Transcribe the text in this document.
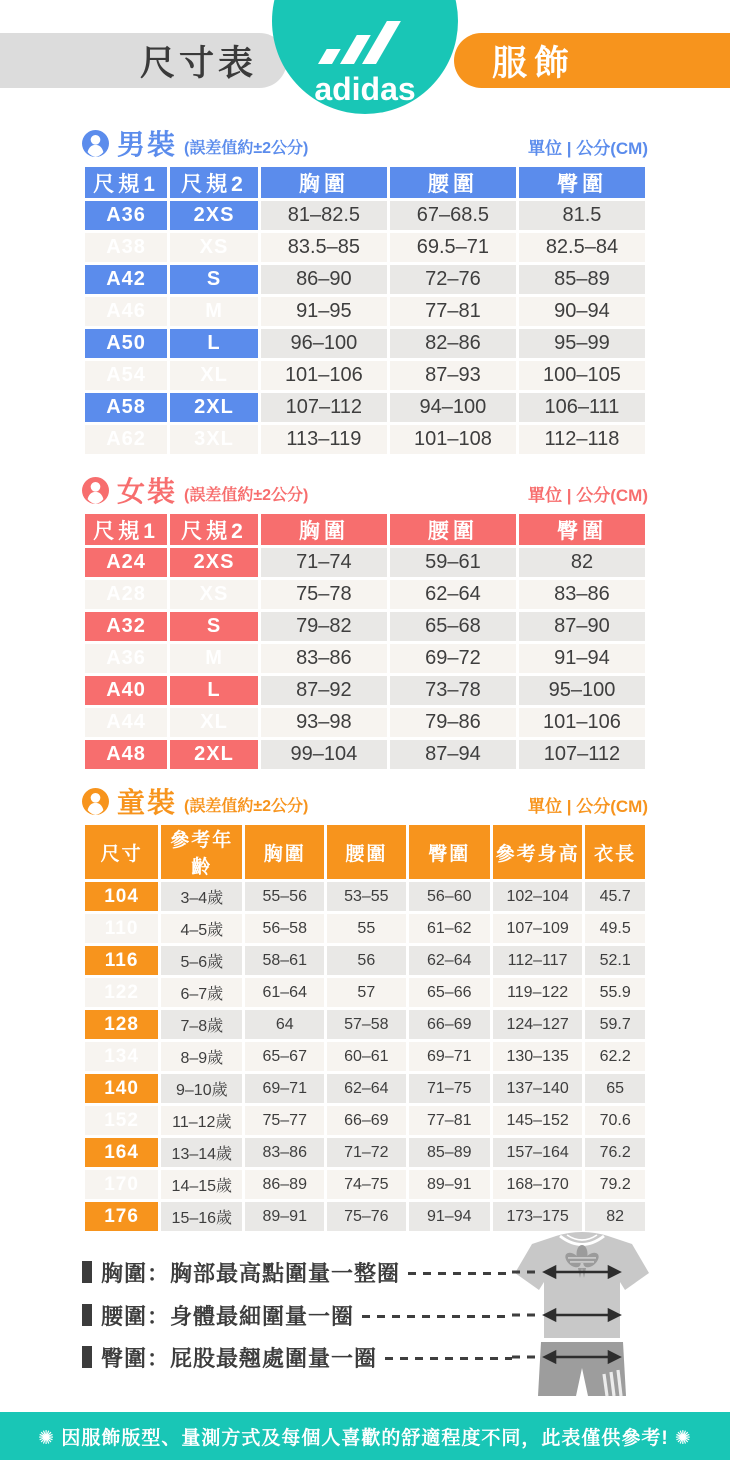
尺寸表
adidas
服飾
男裝 (誤差值約±2公分)	單位 | 公分(CM)
尺規1	尺規2	胸圍	腰圍	臀圍
A36	2XS	81–82.5	67–68.5	81.5
A38	XS	83.5–85	69.5–71	82.5–84
A42	S	86–90	72–76	85–89
A46	M	91–95	77–81	90–94
A50	L	96–100	82–86	95–99
A54	XL	101–106	87–93	100–105
A58	2XL	107–112	94–100	106–111
A62	3XL	113–119	101–108	112–118
女裝 (誤差值約±2公分)	單位 | 公分(CM)
尺規1	尺規2	胸圍	腰圍	臀圍
A24	2XS	71–74	59–61	82
A28	XS	75–78	62–64	83–86
A32	S	79–82	65–68	87–90
A36	M	83–86	69–72	91–94
A40	L	87–92	73–78	95–100
A44	XL	93–98	79–86	101–106
A48	2XL	99–104	87–94	107–112
童裝 (誤差值約±2公分)	單位 | 公分(CM)
尺寸	參考年齡	胸圍	腰圍	臀圍	參考身高	衣長
104	3–4歲	55–56	53–55	56–60	102–104	45.7
110	4–5歲	56–58	55	61–62	107–109	49.5
116	5–6歲	58–61	56	62–64	112–117	52.1
122	6–7歲	61–64	57	65–66	119–122	55.9
128	7–8歲	64	57–58	66–69	124–127	59.7
134	8–9歲	65–67	60–61	69–71	130–135	62.2
140	9–10歲	69–71	62–64	71–75	137–140	65
152	11–12歲	75–77	66–69	77–81	145–152	70.6
164	13–14歲	83–86	71–72	85–89	157–164	76.2
170	14–15歲	86–89	74–75	89–91	168–170	79.2
176	15–16歲	89–91	75–76	91–94	173–175	82
胸圍：胸部最高點圍量一整圈
腰圍：身體最細圍量一圈
臀圍：屁股最翹處圍量一圈
✺ 因服飾版型、量測方式及每個人喜歡的舒適程度不同，此表僅供參考! ✺
